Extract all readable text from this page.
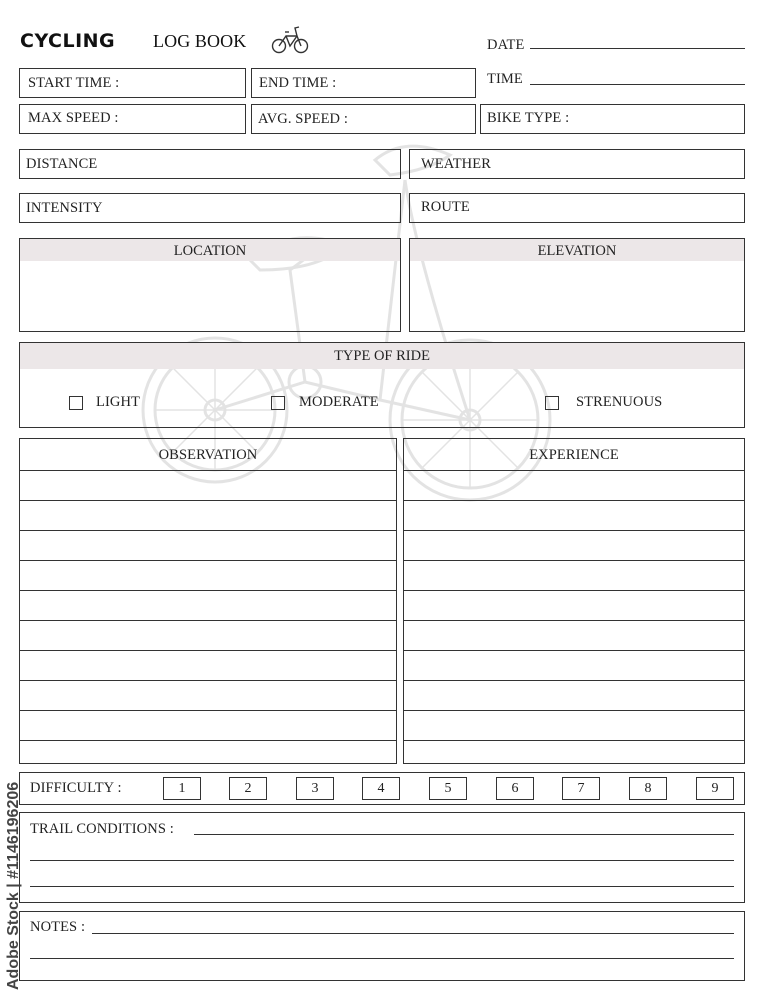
CYCLING LOG BOOK	DATE
TIME
START TIME :	END TIME :
MAX SPEED :	AVG. SPEED :	BIKE TYPE :
DISTANCE	WEATHER
INTENSITY	ROUTE
LOCATION	ELEVATION
TYPE OF RIDE
LIGHT	MODERATE	STRENUOUS
OBSERVATION	EXPERIENCE
DIFFICULTY :	1	2	3	4	5	6	7	8	9
TRAIL CONDITIONS :
NOTES :
Adobe Stock | #1146196206
